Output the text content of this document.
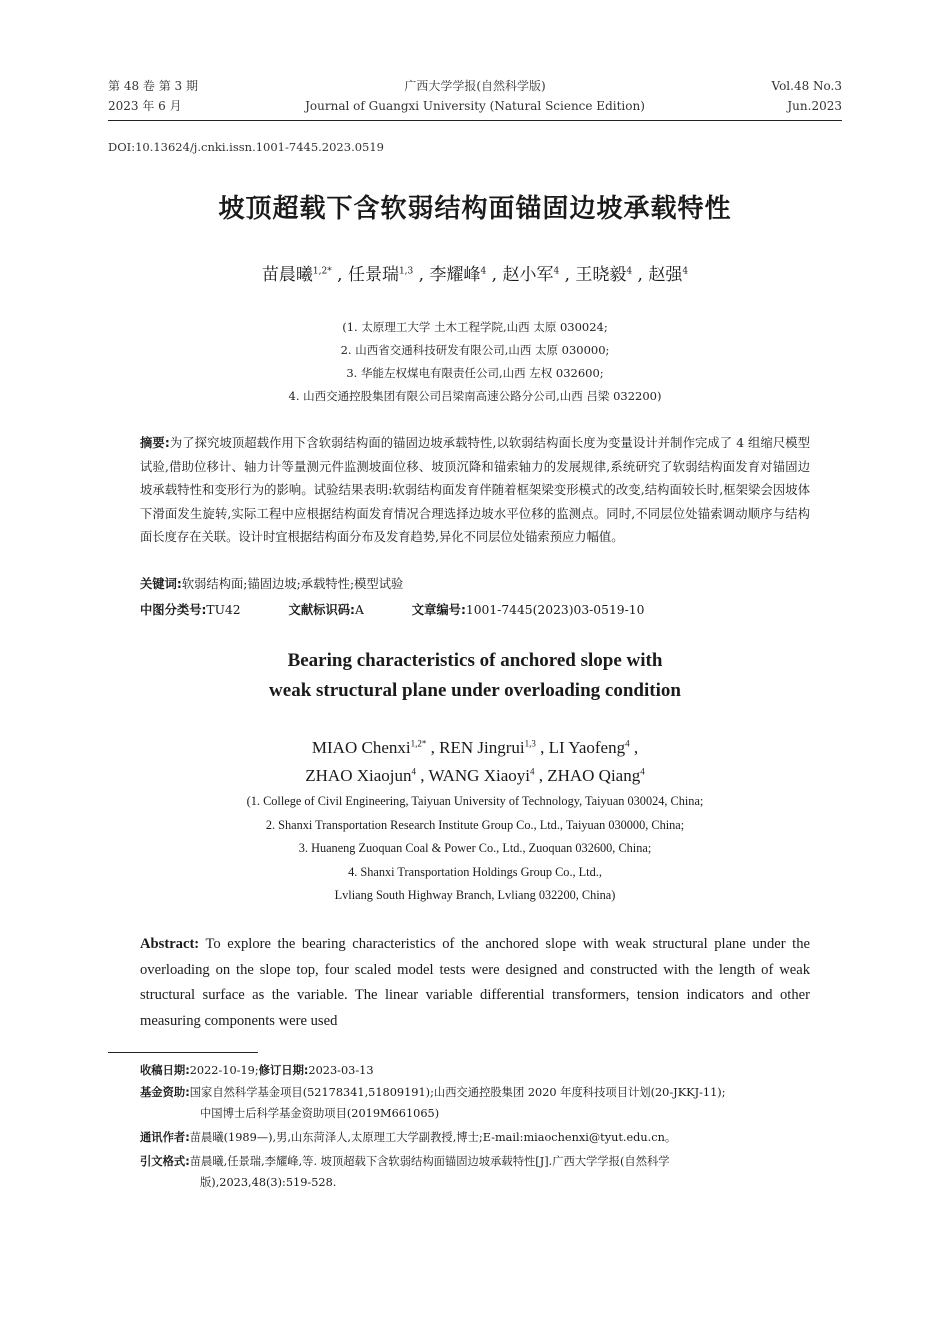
第 48 卷 第 3 期
2023 年 6 月
广西大学学报(自然科学版)
Journal of Guangxi University (Natural Science Edition)
Vol.48 No.3
Jun.2023
DOI:10.13624/j.cnki.issn.1001-7445.2023.0519
坡顶超载下含软弱结构面锚固边坡承载特性
苗晨曦$^{1,2*}$ , 任景瑞$^{1,3}$ , 李耀峰$^4$ , 赵小军$^4$ , 王晓毅$^4$ , 赵强$^4$
(1. 太原理工大学 土木工程学院,山西 太原 030024;
2. 山西省交通科技研发有限公司,山西 太原 030000;
3. 华能左权煤电有限责任公司,山西 左权 032600;
4. 山西交通控股集团有限公司吕梁南高速公路分公司,山西 吕梁 032200)
摘要:为了探究坡顶超载作用下含软弱结构面的锚固边坡承载特性,以软弱结构面长度为变量设计并制作完成了 4 组缩尺模型试验,借助位移计、轴力计等量测元件监测坡面位移、坡顶沉降和锚索轴力的发展规律,系统研究了软弱结构面发育对锚固边坡承载特性和变形行为的影响。试验结果表明:软弱结构面发育伴随着框架梁变形模式的改变,结构面较长时,框架梁会因坡体下滑面发生旋转,实际工程中应根据结构面发育情况合理选择边坡水平位移的监测点。同时,不同层位处锚索调动顺序与结构面长度存在关联。设计时宜根据结构面分布及发育趋势,异化不同层位处锚索预应力幅值。
关键词:软弱结构面;锚固边坡;承载特性;模型试验
中图分类号:TU42	文献标识码:A	文章编号:1001-7445(2023)03-0519-10
Bearing characteristics of anchored slope with
weak structural plane under overloading condition
MIAO Chenxi$^{1,2*}$ , REN Jingrui$^{1,3}$ , LI Yaofeng$^4$ ,
ZHAO Xiaojun$^4$ , WANG Xiaoyi$^4$ , ZHAO Qiang$^4$
(1. College of Civil Engineering, Taiyuan University of Technology, Taiyuan 030024, China;
2. Shanxi Transportation Research Institute Group Co., Ltd., Taiyuan 030000, China;
3. Huaneng Zuoquan Coal & Power Co., Ltd., Zuoquan 032600, China;
4. Shanxi Transportation Holdings Group Co., Ltd.,
Lvliang South Highway Branch, Lvliang 032200, China)
Abstract: To explore the bearing characteristics of the anchored slope with weak structural plane under the overloading on the slope top, four scaled model tests were designed and constructed with the length of weak structural surface as the variable. The linear variable differential transformers, tension indicators and other measuring components were used
收稿日期:2022-10-19;修订日期:2023-03-13
基金资助:国家自然科学基金项目(52178341,51809191);山西交通控股集团 2020 年度科技项目计划(20-JKKJ-11);
中国博士后科学基金资助项目(2019M661065)
通讯作者:苗晨曦(1989—),男,山东菏泽人,太原理工大学副教授,博士;E-mail:miaochenxi@tyut.edu.cn。
引文格式:苗晨曦,任景瑞,李耀峰,等. 坡顶超载下含软弱结构面锚固边坡承载特性[J].广西大学学报(自然科学
版),2023,48(3):519-528.
